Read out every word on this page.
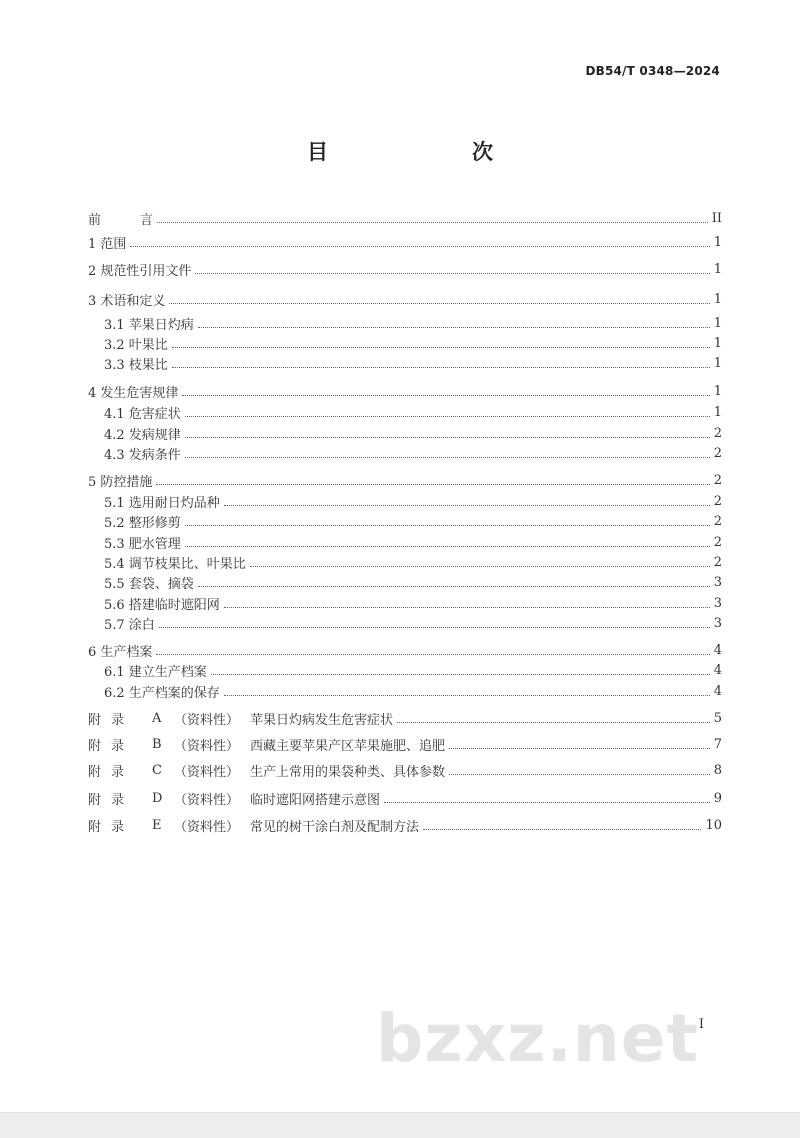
DB54/T 0348—2024
目　　次
前　　　言	II
1 范围	1
2 规范性引用文件	1
3 术语和定义	1
3.1 苹果日灼病	1
3.2 叶果比	1
3.3 枝果比	1
4 发生危害规律	1
4.1 危害症状	1
4.2 发病规律	2
4.3 发病条件	2
5 防控措施	2
5.1 选用耐日灼品种	2
5.2 整形修剪	2
5.3 肥水管理	2
5.4 调节枝果比、叶果比	2
5.5 套袋、摘袋	3
5.6 搭建临时遮阳网	3
5.7 涂白	3
6 生产档案	4
6.1 建立生产档案	4
6.2 生产档案的保存	4
附录	A （资料性） 苹果日灼病发生危害症状	5
附录	B （资料性） 西藏主要苹果产区苹果施肥、追肥	7
附录	C （资料性） 生产上常用的果袋种类、具体参数	8
附录	D （资料性） 临时遮阳网搭建示意图	9
附录	E （资料性） 常见的树干涂白剂及配制方法	10
I
bzxz.net
